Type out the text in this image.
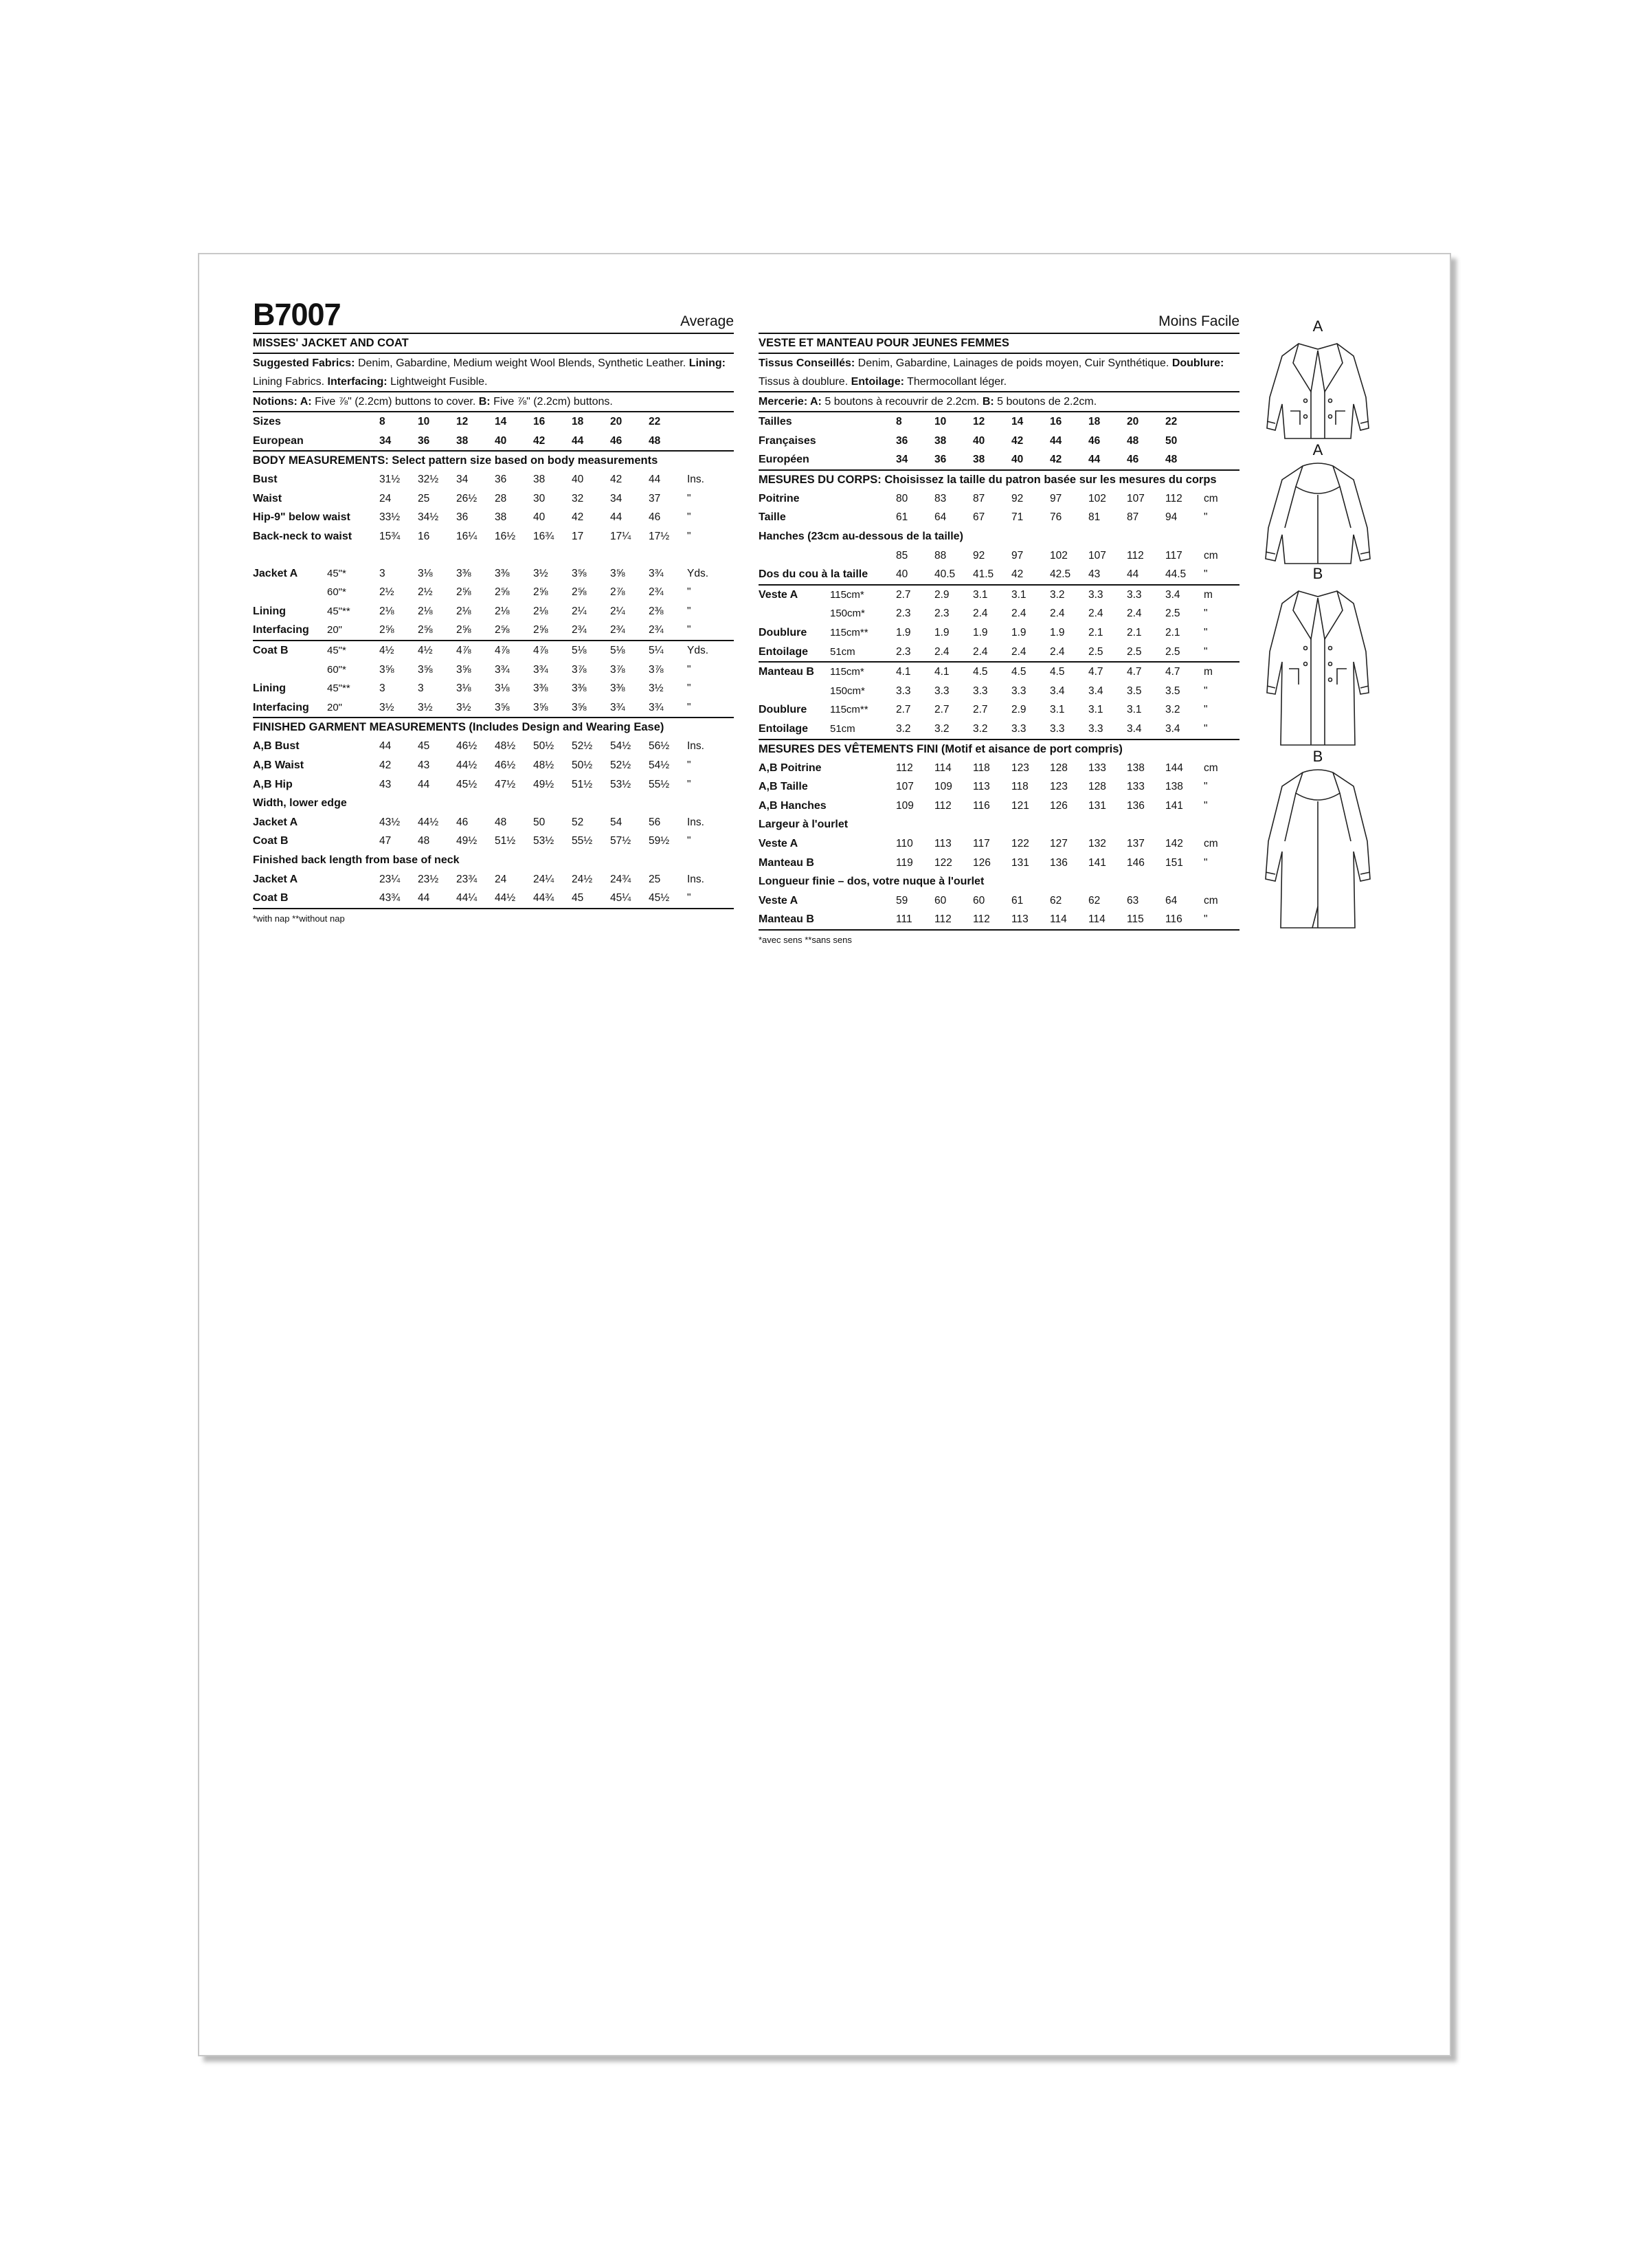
B7007	Average
MISSES' JACKET AND COAT
Suggested Fabrics: Denim, Gabardine, Medium weight Wool Blends, Synthetic Leather. Lining: Lining Fabrics. Interfacing: Lightweight Fusible.
Notions: A: Five ⅞" (2.2cm) buttons to cover. B: Five ⅞" (2.2cm) buttons.
Sizes	8	10	12	14	16	18	20	22
European	34	36	38	40	42	44	46	48
BODY MEASUREMENTS: Select pattern size based on body measurements
Bust	31½	32½	34	36	38	40	42	44	Ins.
Waist	24	25	26½	28	30	32	34	37	"
Hip-9" below waist	33½	34½	36	38	40	42	44	46	"
Back-neck to waist	15¾	16	16¼	16½	16¾	17	17¼	17½	"
Jacket A	45"*	3	3⅛	3⅜	3⅜	3½	3⅝	3⅝	3¾	Yds.
60"*	2½	2½	2⅝	2⅝	2⅝	2⅝	2⅞	2¾	"
Lining	45"**	2⅛	2⅛	2⅛	2⅛	2⅛	2¼	2¼	2⅜	"
Interfacing	20"	2⅝	2⅝	2⅝	2⅝	2⅝	2¾	2¾	2¾	"
Coat B	45"*	4½	4½	4⅞	4⅞	4⅞	5⅛	5⅛	5¼	Yds.
60"*	3⅝	3⅝	3⅝	3¾	3¾	3⅞	3⅞	3⅞	"
Lining	45"**	3	3	3⅛	3⅛	3⅜	3⅜	3⅜	3½	"
Interfacing	20"	3½	3½	3½	3⅝	3⅝	3⅝	3¾	3¾	"
FINISHED GARMENT MEASUREMENTS (Includes Design and Wearing Ease)
A,B Bust	44	45	46½	48½	50½	52½	54½	56½	Ins.
A,B Waist	42	43	44½	46½	48½	50½	52½	54½	"
A,B Hip	43	44	45½	47½	49½	51½	53½	55½	"
Width, lower edge
Jacket A	43½	44½	46	48	50	52	54	56	Ins.
Coat B	47	48	49½	51½	53½	55½	57½	59½	"
Finished back length from base of neck
Jacket A	23¼	23½	23¾	24	24¼	24½	24¾	25	Ins.
Coat B	43¾	44	44¼	44½	44¾	45	45¼	45½	"
*with nap **without nap
Moins Facile
VESTE ET MANTEAU POUR JEUNES FEMMES
Tissus Conseillés: Denim, Gabardine, Lainages de poids moyen, Cuir Synthétique. Doublure: Tissus à doublure. Entoilage: Thermocollant léger.
Mercerie: A: 5 boutons à recouvrir de 2.2cm. B: 5 boutons de 2.2cm.
Tailles	8	10	12	14	16	18	20	22
Françaises	36	38	40	42	44	46	48	50
Européen	34	36	38	40	42	44	46	48
MESURES DU CORPS: Choisissez la taille du patron basée sur les mesures du corps
Poitrine	80	83	87	92	97	102	107	112	cm
Taille	61	64	67	71	76	81	87	94	"
Hanches (23cm au-dessous de la taille)
85	88	92	97	102	107	112	117	cm
Dos du cou à la taille	40	40.5	41.5	42	42.5	43	44	44.5	"
Veste A	115cm*	2.7	2.9	3.1	3.1	3.2	3.3	3.3	3.4	m
150cm*	2.3	2.3	2.4	2.4	2.4	2.4	2.4	2.5	"
Doublure	115cm**	1.9	1.9	1.9	1.9	1.9	2.1	2.1	2.1	"
Entoilage	51cm	2.3	2.4	2.4	2.4	2.4	2.5	2.5	2.5	"
Manteau B	115cm*	4.1	4.1	4.5	4.5	4.5	4.7	4.7	4.7	m
150cm*	3.3	3.3	3.3	3.3	3.4	3.4	3.5	3.5	"
Doublure	115cm**	2.7	2.7	2.7	2.9	3.1	3.1	3.1	3.2	"
Entoilage	51cm	3.2	3.2	3.2	3.3	3.3	3.3	3.4	3.4	"
MESURES DES VÊTEMENTS FINI (Motif et aisance de port compris)
A,B Poitrine	112	114	118	123	128	133	138	144	cm
A,B Taille	107	109	113	118	123	128	133	138	"
A,B Hanches	109	112	116	121	126	131	136	141	"
Largeur à l'ourlet
Veste A	110	113	117	122	127	132	137	142	cm
Manteau B	119	122	126	131	136	141	146	151	"
Longueur finie – dos, votre nuque à l'ourlet
Veste A	59	60	60	61	62	62	63	64	cm
Manteau B	111	112	112	113	114	114	115	116	"
*avec sens **sans sens
A
A
B
B
